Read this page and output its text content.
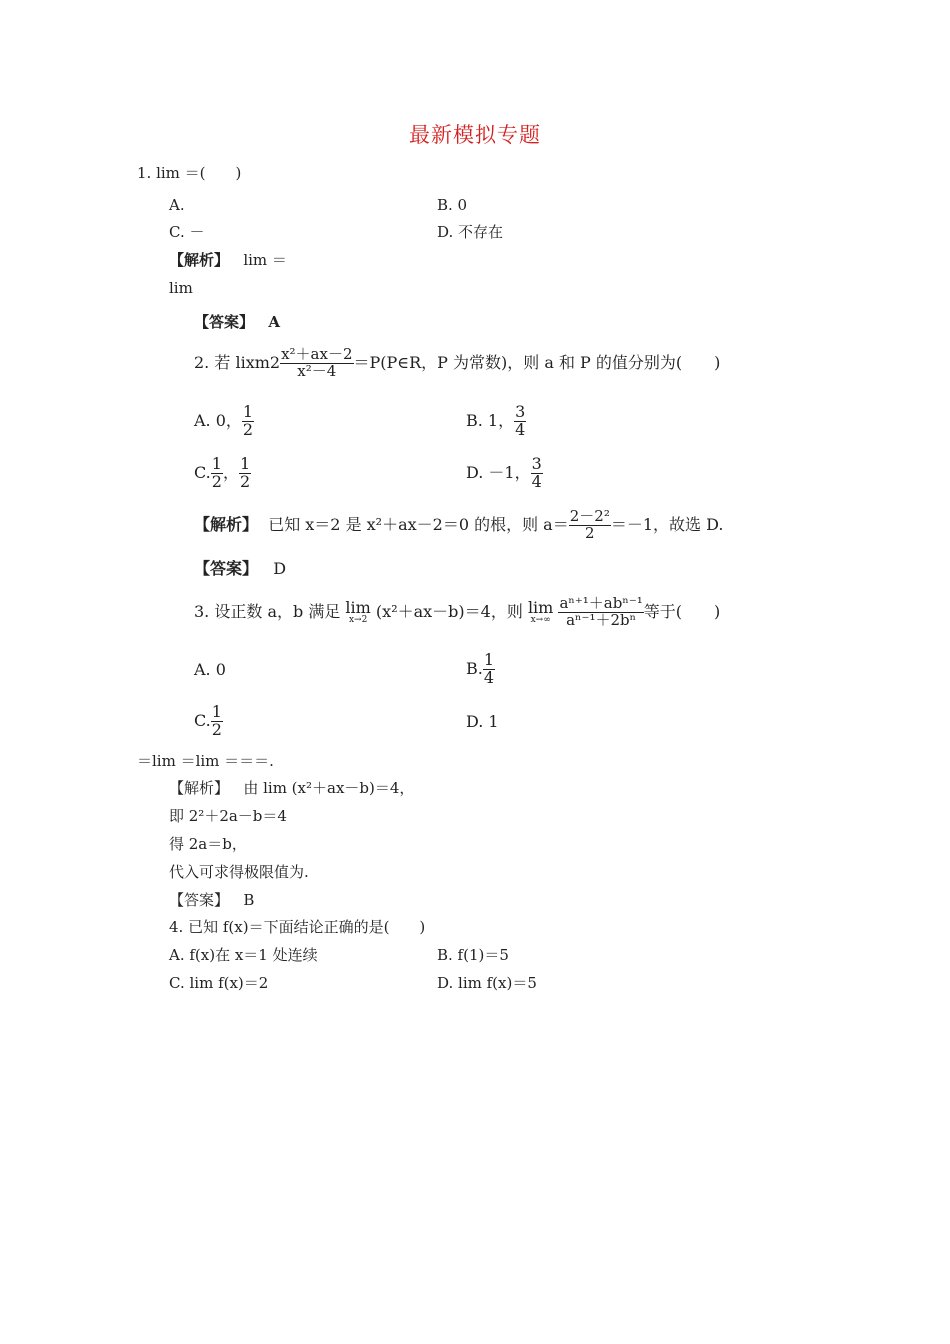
最新模拟专题
1. lim ＝(　　)
A.	B. 0
C. －	D. 不存在
【解析】 lim ＝
lim
【答案】 A
2. 若 lixm2 $\frac{\text{x²＋ax－2}}{\text{x²－4}}$ ＝P(P∈R，P 为常数)，则 a 和 P 的值分别为(　　)
A. 0， $\frac{1}{2}$	B. 1， $\frac{3}{4}$
C. $\frac{1}{2}$ ， $\frac{1}{2}$	D. －1， $\frac{3}{4}$
【解析】 已知 x＝2 是 x²＋ax－2＝0 的根，则 $a= \frac{\text{2－2²}}{2} =-1$，故选 D.
【答案】 D
3. 设正数 a，b 满足 lim
x→2 (x²＋ax－b)＝4，则 lim
x→∞
$\frac{\text{aⁿ⁺¹＋abⁿ⁻¹}}{\text{aⁿ⁻¹＋2bⁿ}}$ 等于(　　)
A. 0	B. $\frac{1}{4}$
C. $\frac{1}{2}$	D. 1
＝lim ＝lim ＝＝＝.
【解析】 由 lim (x²＋ax－b)＝4，
即 2²＋2a－b＝4
得 2a＝b，
代入可求得极限值为.
【答案】 B
4. 已知 f(x)＝下面结论正确的是(　　)
A. f(x)在 x＝1 处连续	B. f(1)＝5
C. lim f(x)＝2	D. lim f(x)＝5
